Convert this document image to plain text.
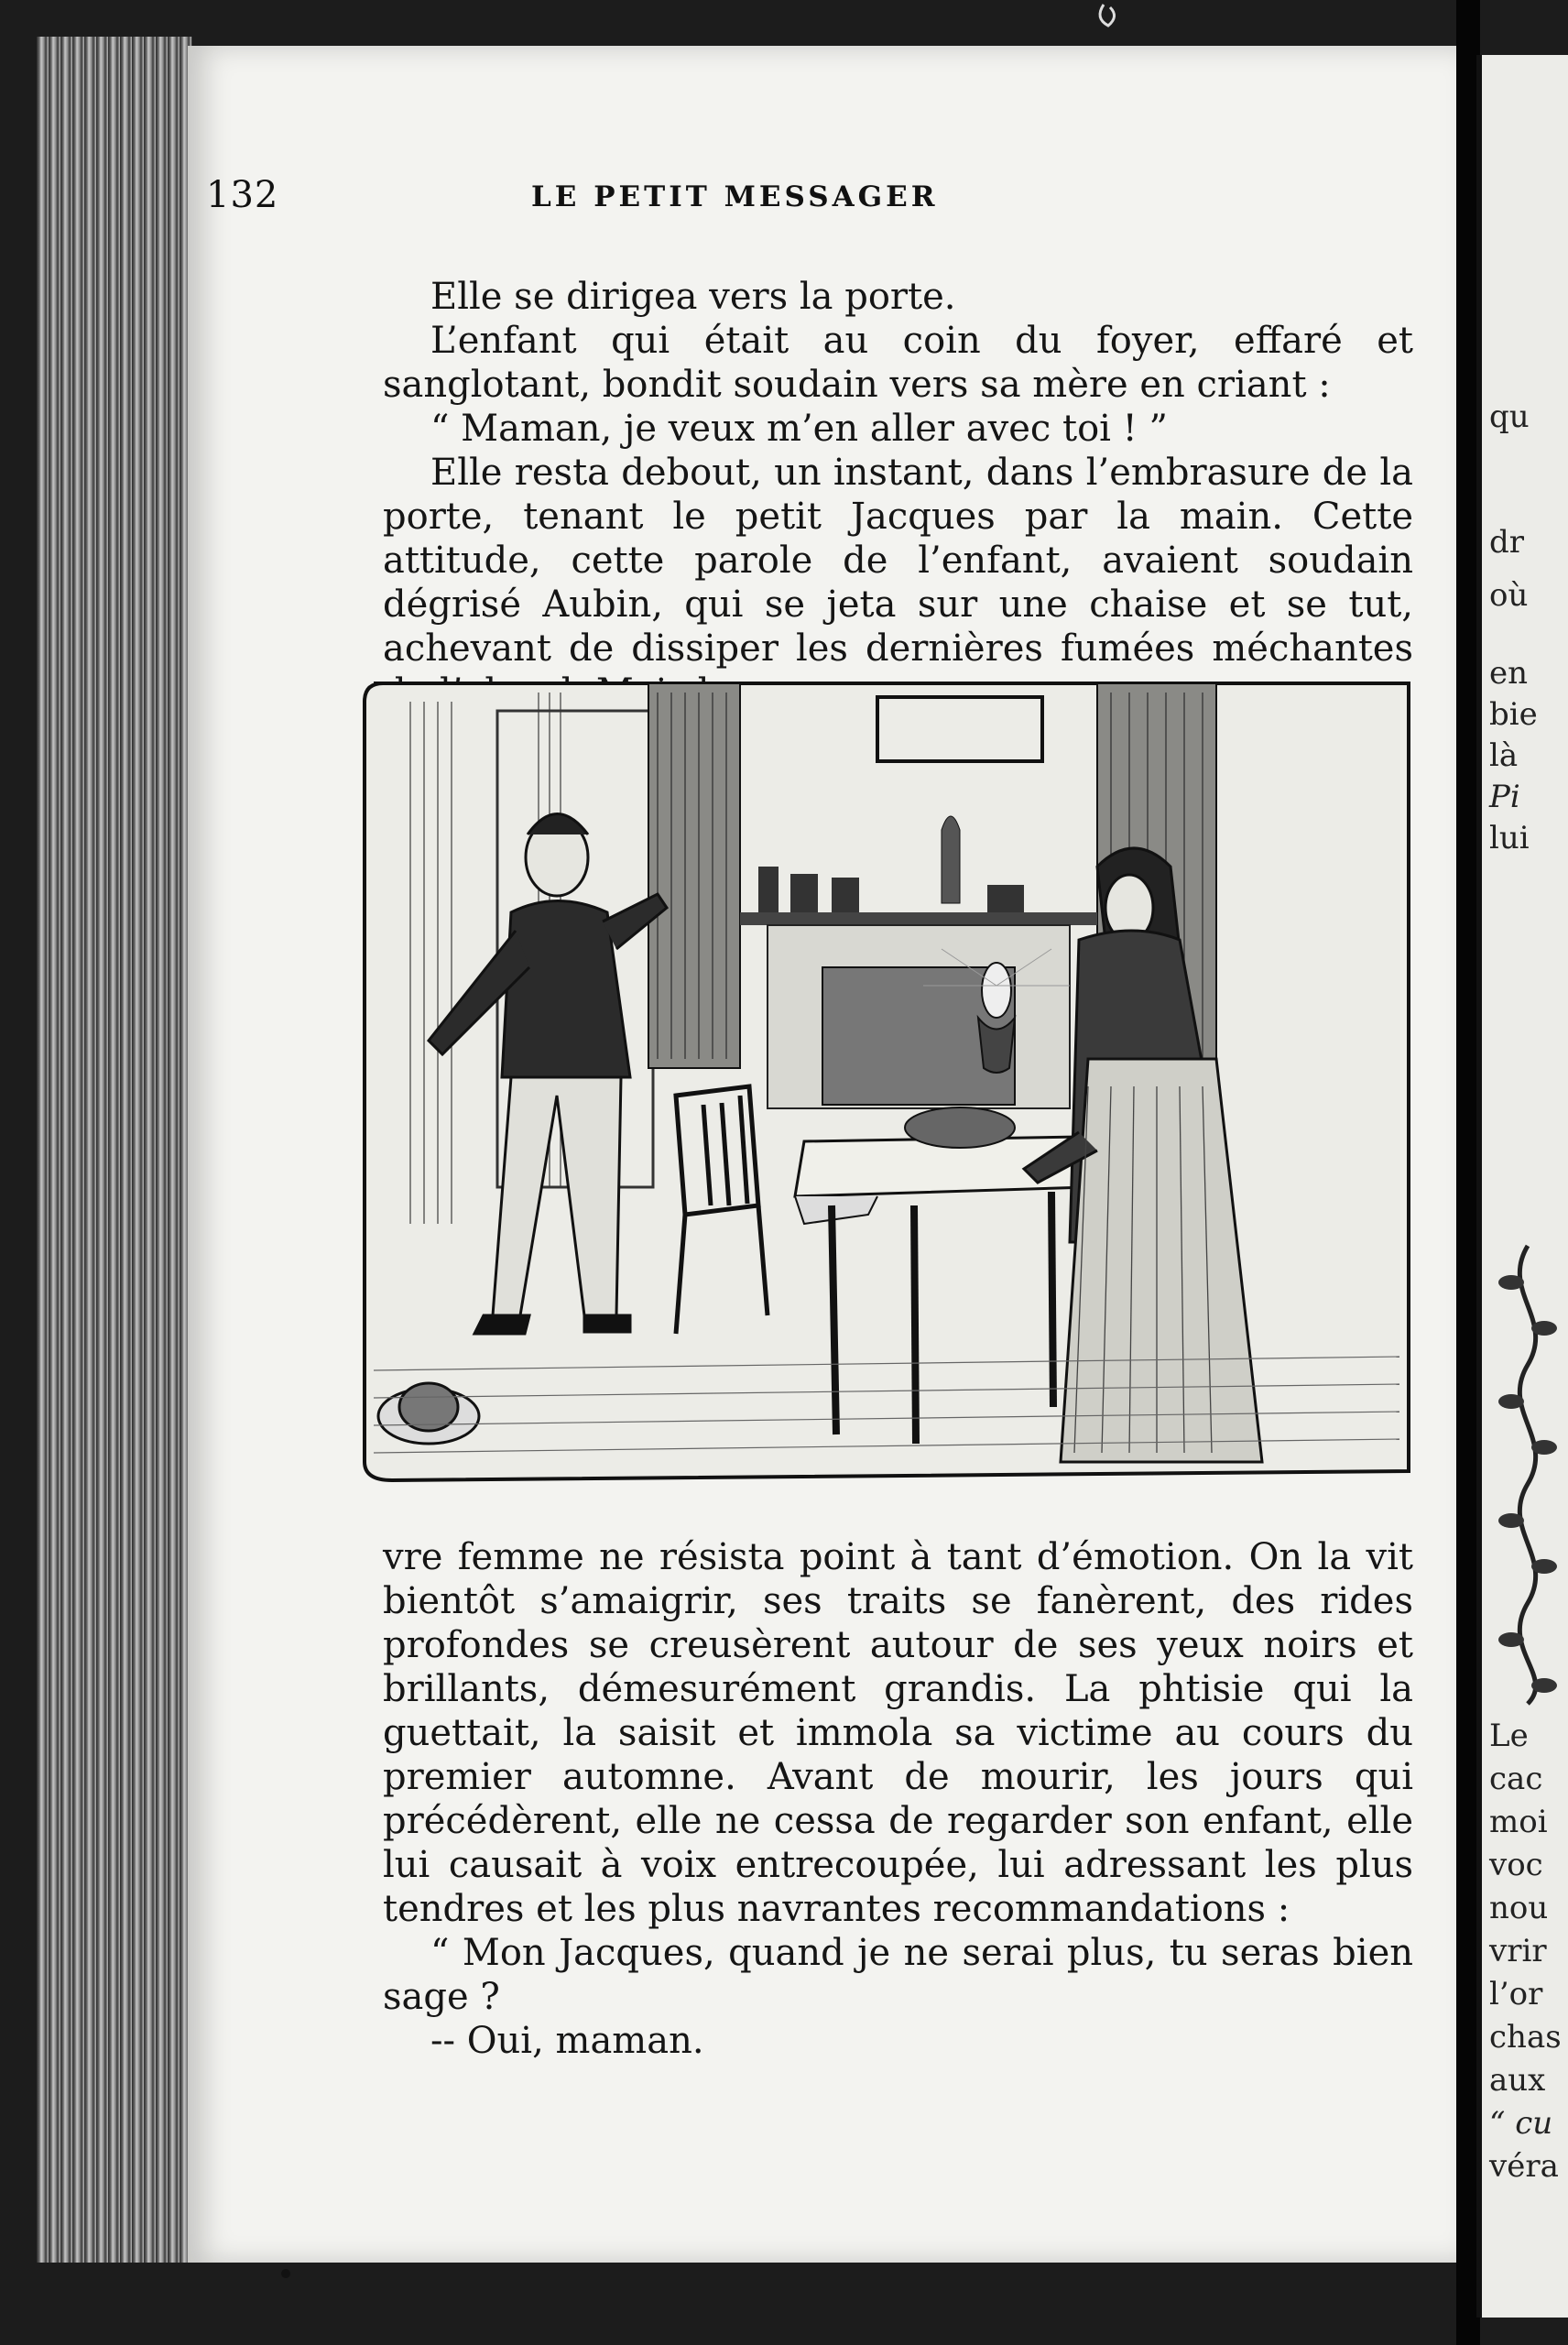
qu
dr
où
en
bie
là
Pi
lui
Le
cac
moi
voc
nou
vrir
l’or
chas
aux
“ cu
véra
132	LE PETIT MESSAGER

Elle se dirigea vers la porte.

L’enfant qui était au coin du foyer, effaré et sanglotant, bondit soudain vers sa mère en criant :

“ Maman, je veux m’en aller avec toi ! ”

Elle resta debout, un instant, dans l’embrasure de la porte, tenant le petit Jacques par la main. Cette attitude, cette parole de l’enfant, avaient soudain dégrisé Aubin, qui se jeta sur une chaise et se tut, achevant de dissiper les dernières fumées méchantes

vre femme ne résista point à tant d’émotion. On la vit bientôt s’amaigrir, ses traits se fanèrent, des rides profondes se creusèrent autour de ses yeux noirs et brillants, démesurément grandis. La phtisie qui la guettait, la saisit et immola sa victime au cours du premier automne. Avant de mourir, les jours qui précédèrent, elle ne cessa de regarder son enfant, elle lui causait à voix entrecoupée, lui adressant les plus tendres et les plus navrantes recommandations :

“ Mon Jacques, quand je ne serai plus, tu seras bien sage ?

-- Oui, maman.
